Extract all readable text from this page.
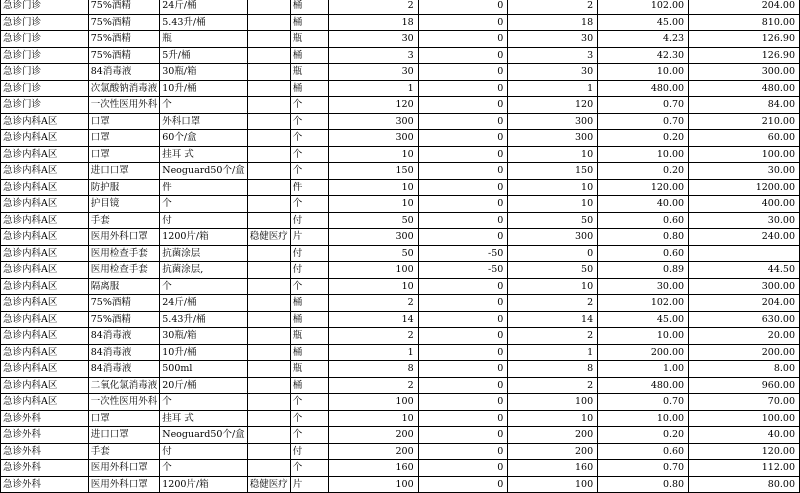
急诊门诊	75%酒精	24斤/桶		桶	2	0	2	102.00	204.00
急诊门诊	75%酒精	5.43升/桶		桶	18	0	18	45.00	810.00
急诊门诊	75%酒精	瓶		瓶	30	0	30	4.23	126.90
急诊门诊	75%酒精	5升/桶		桶	3	0	3	42.30	126.90
急诊门诊	84消毒液	30瓶/箱		瓶	30	0	30	10.00	300.00
急诊门诊	次氯酸钠消毒液	10升/桶		桶	1	0	1	480.00	480.00
急诊门诊	一次性医用外科	个		个	120	0	120	0.70	84.00
急诊内科A区	口罩	外科口罩		个	300	0	300	0.70	210.00
急诊内科A区	口罩	60个/盒		个	300	0	300	0.20	60.00
急诊内科A区	口罩	挂耳 式		个	10	0	10	10.00	100.00
急诊内科A区	进口口罩	Neoguard50个/盒		个	150	0	150	0.20	30.00
急诊内科A区	防护服	件		件	10	0	10	120.00	1200.00
急诊内科A区	护目镜	个		个	10	0	10	40.00	400.00
急诊内科A区	手套	付		付	50	0	50	0.60	30.00
急诊内科A区	医用外科口罩	1200片/箱	稳健医疗	片	300	0	300	0.80	240.00
急诊内科A区	医用检查手套	抗菌涂层		付	50	-50	0	0.60	
急诊内科A区	医用检查手套	抗菌涂层,		付	100	-50	50	0.89	44.50
急诊内科A区	隔离服	个		个	10	0	10	30.00	300.00
急诊内科A区	75%酒精	24斤/桶		桶	2	0	2	102.00	204.00
急诊内科A区	75%酒精	5.43升/桶		桶	14	0	14	45.00	630.00
急诊内科A区	84消毒液	30瓶/箱		瓶	2	0	2	10.00	20.00
急诊内科A区	84消毒液	10升/桶		桶	1	0	1	200.00	200.00
急诊内科A区	84消毒液	500ml		瓶	8	0	8	1.00	8.00
急诊内科A区	二氧化氯消毒液	20斤/桶		桶	2	0	2	480.00	960.00
急诊内科A区	一次性医用外科	个		个	100	0	100	0.70	70.00
急诊外科	口罩	挂耳 式		个	10	0	10	10.00	100.00
急诊外科	进口口罩	Neoguard50个/盒		个	200	0	200	0.20	40.00
急诊外科	手套	付		付	200	0	200	0.60	120.00
急诊外科	医用外科口罩	个		个	160	0	160	0.70	112.00
急诊外科	医用外科口罩	1200片/箱	稳健医疗	片	100	0	100	0.80	80.00
